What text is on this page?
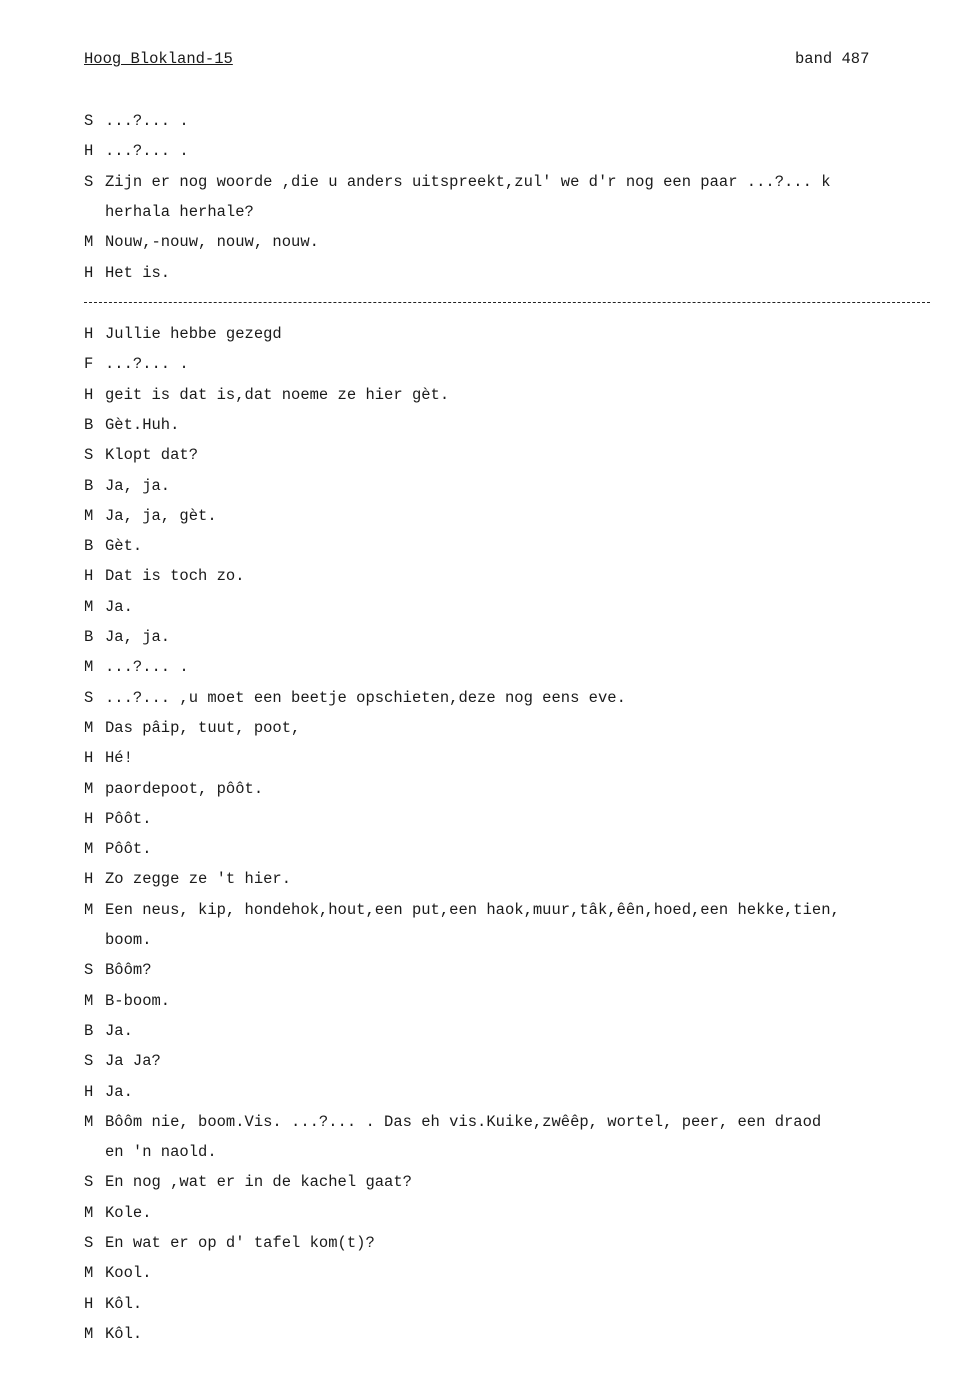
Hoog Blokland-15	band 487
S ...?... .
H ...?... .
S Zijn er nog woorde ,die u anders uitspreekt,zul' we d'r nog een paar ...?... k
herhala herhale?
M Nouw,-nouw, nouw, nouw.
H Het is.
H Jullie hebbe gezegd
F ...?... .
H geit is dat is,dat noeme ze hier gèt.
B Gèt.Huh.
S Klopt dat?
B Ja, ja.
M Ja, ja, gèt.
B Gèt.
H Dat is toch zo.
M Ja.
B Ja, ja.
M ...?... .
S ...?... ,u moet een beetje opschieten,deze nog eens eve.
M Das pâip, tuut, poot,
H Hé!
M paordepoot, pôôt.
H Pôôt.
M Pôôt.
H Zo zegge ze 't hier.
M Een neus, kip, hondehok,hout,een put,een haok,muur,tâk,êên,hoed,een hekke,tien,
boom.
S Bôôm?
M B-boom.
B Ja.
S Ja Ja?
H Ja.
M Bôôm nie, boom.Vis. ...?... . Das eh vis.Kuike,zwêêp, wortel, peer, een draod
en 'n naold.
S En nog ,wat er in de kachel gaat?
M Kole.
S En wat er op d' tafel kom(t)?
M Kool.
H Kôl.
M Kôl.
